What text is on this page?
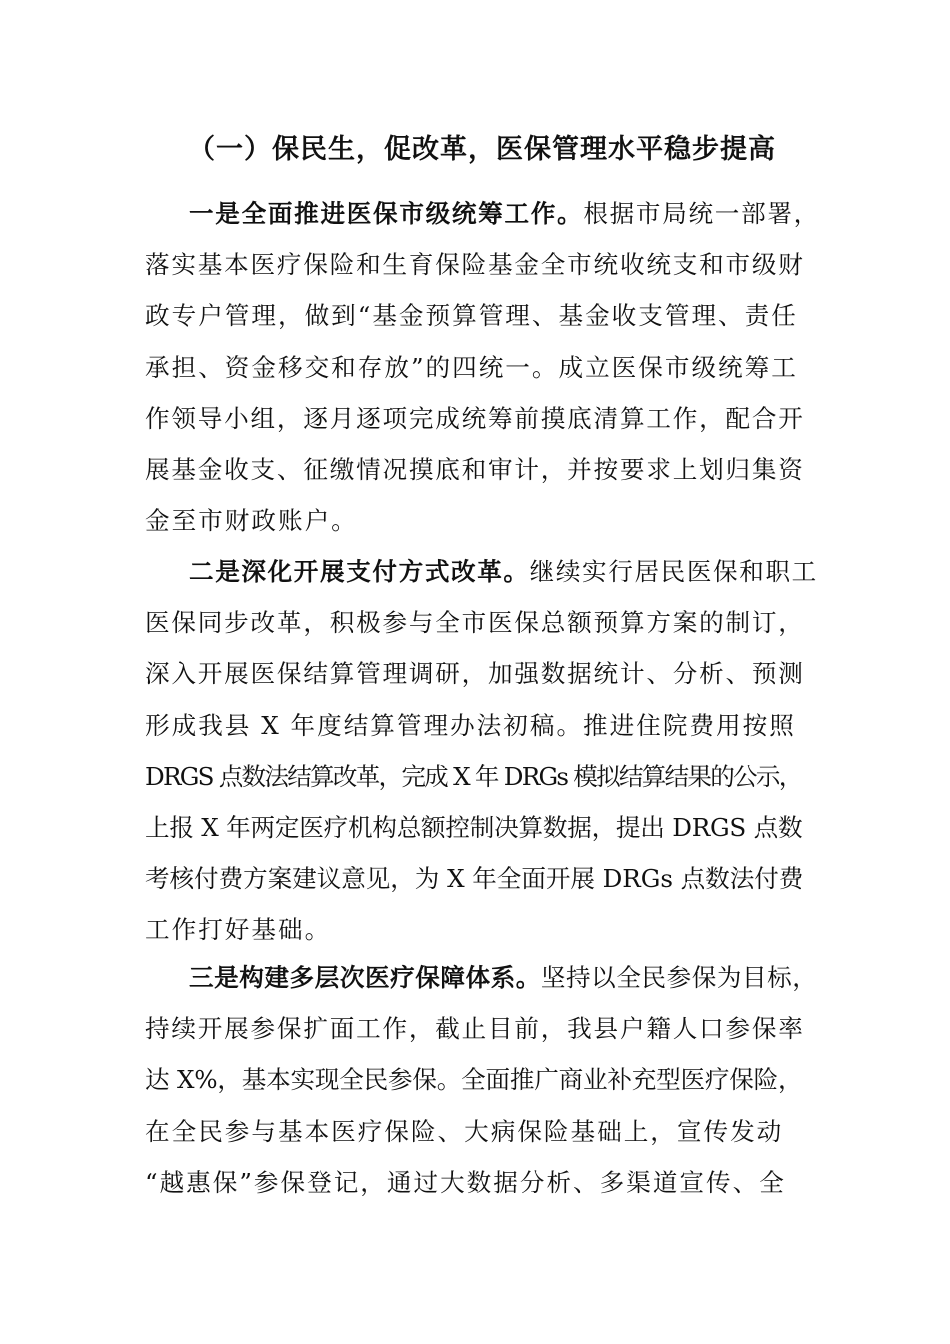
（一）保民生，促改革，医保管理水平稳步提高
一是全面推进医保市级统筹工作。根据市局统一部署，
落实基本医疗保险和生育保险基金全市统收统支和市级财
政专户管理，做到“基金预算管理、基金收支管理、责任
承担、资金移交和存放”的四统一。成立医保市级统筹工
作领导小组，逐月逐项完成统筹前摸底清算工作，配合开
展基金收支、征缴情况摸底和审计，并按要求上划归集资
金至市财政账户。
二是深化开展支付方式改革。继续实行居民医保和职工
医保同步改革，积极参与全市医保总额预算方案的制订，
深入开展医保结算管理调研，加强数据统计、分析、预测
形成我县 X 年度结算管理办法初稿。推进住院费用按照
DRGS 点数法结算改革，完成 X 年 DRGs 模拟结算结果的公示，
上报 X 年两定医疗机构总额控制决算数据，提出 DRGS 点数
考核付费方案建议意见，为 X 年全面开展 DRGs 点数法付费
工作打好基础。
三是构建多层次医疗保障体系。坚持以全民参保为目标，
持续开展参保扩面工作，截止目前，我县户籍人口参保率
达 X%，基本实现全民参保。全面推广商业补充型医疗保险，
在全民参与基本医疗保险、大病保险基础上，宣传发动
“越惠保”参保登记，通过大数据分析、多渠道宣传、全
